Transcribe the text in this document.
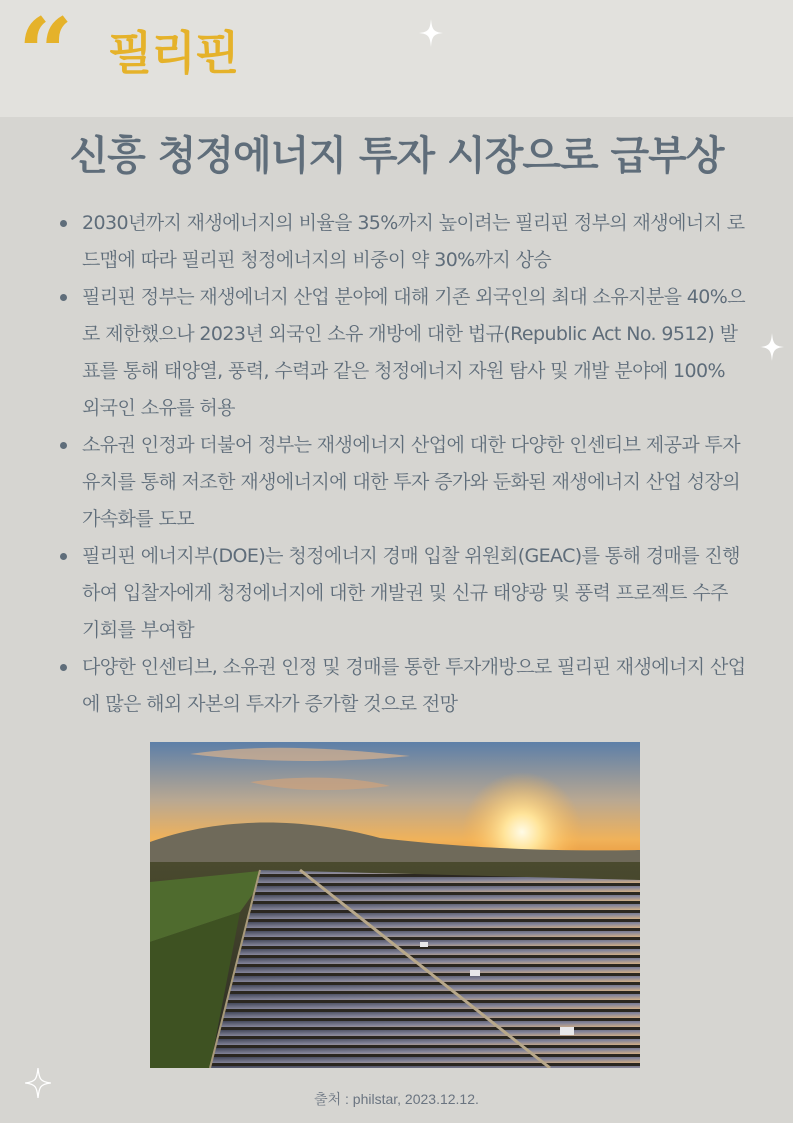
“ 필리핀
신흥 청정에너지 투자 시장으로 급부상
2030년까지 재생에너지의 비율을 35%까지 높이려는 필리핀 정부의 재생에너지 로드맵에 따라 필리핀 청정에너지의 비중이 약 30%까지 상승
필리핀 정부는 재생에너지 산업 분야에 대해 기존 외국인의 최대 소유지분을 40%으로 제한했으나 2023년 외국인 소유 개방에 대한 법규(Republic Act No. 9512) 발표를 통해 태양열, 풍력, 수력과 같은 청정에너지 자원 탐사 및 개발 분야에 100% 외국인 소유를 허용
소유권 인정과 더불어 정부는 재생에너지 산업에 대한 다양한 인센티브 제공과 투자유치를 통해 저조한 재생에너지에 대한 투자 증가와 둔화된 재생에너지 산업 성장의 가속화를 도모
필리핀 에너지부(DOE)는 청정에너지 경매 입찰 위원회(GEAC)를 통해 경매를 진행하여 입찰자에게 청정에너지에 대한 개발권 및 신규 태양광 및 풍력 프로젝트 수주 기회를 부여함
다양한 인센티브, 소유권 인정 및 경매를 통한 투자개방으로 필리핀 재생에너지 산업에 많은 해외 자본의 투자가 증가할 것으로 전망
출처 : philstar, 2023.12.12.
